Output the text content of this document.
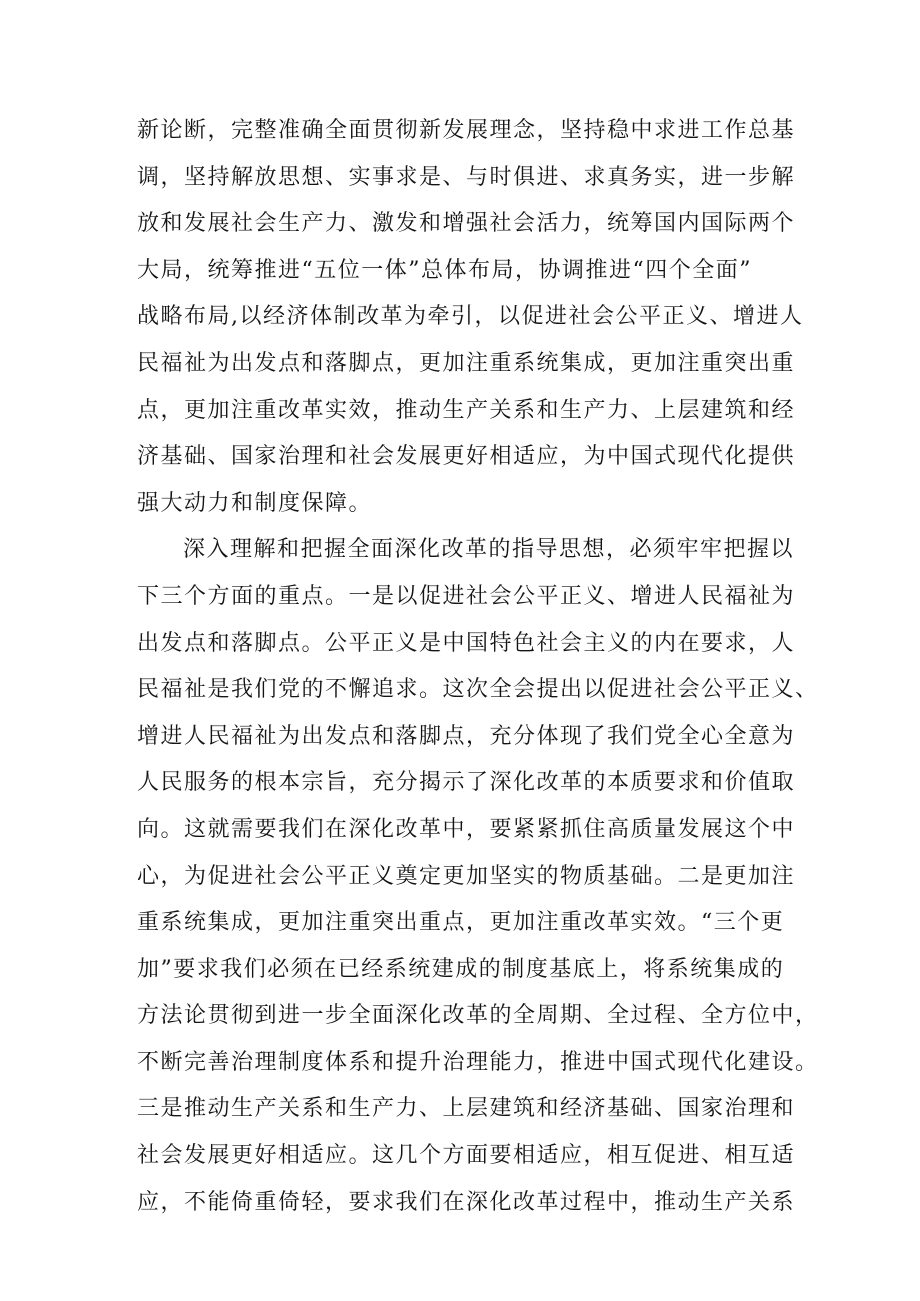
新论断，完整准确全面贯彻新发展理念，坚持稳中求进工作总基
调，坚持解放思想、实事求是、与时俱进、求真务实，进一步解
放和发展社会生产力、激发和增强社会活力，统筹国内国际两个
大局，统筹推进“五位一体”总体布局，协调推进“四个全面”
战略布局,以经济体制改革为牵引，以促进社会公平正义、增进人
民福祉为出发点和落脚点，更加注重系统集成，更加注重突出重
点，更加注重改革实效，推动生产关系和生产力、上层建筑和经
济基础、国家治理和社会发展更好相适应，为中国式现代化提供
强大动力和制度保障。
深入理解和把握全面深化改革的指导思想，必须牢牢把握以
下三个方面的重点。一是以促进社会公平正义、增进人民福祉为
出发点和落脚点。公平正义是中国特色社会主义的内在要求，人
民福祉是我们党的不懈追求。这次全会提出以促进社会公平正义、
增进人民福祉为出发点和落脚点，充分体现了我们党全心全意为
人民服务的根本宗旨，充分揭示了深化改革的本质要求和价值取
向。这就需要我们在深化改革中，要紧紧抓住高质量发展这个中
心，为促进社会公平正义奠定更加坚实的物质基础。二是更加注
重系统集成，更加注重突出重点，更加注重改革实效。“三个更
加”要求我们必须在已经系统建成的制度基底上，将系统集成的
方法论贯彻到进一步全面深化改革的全周期、全过程、全方位中，
不断完善治理制度体系和提升治理能力，推进中国式现代化建设。
三是推动生产关系和生产力、上层建筑和经济基础、国家治理和
社会发展更好相适应。这几个方面要相适应，相互促进、相互适
应，不能倚重倚轻，要求我们在深化改革过程中，推动生产关系
